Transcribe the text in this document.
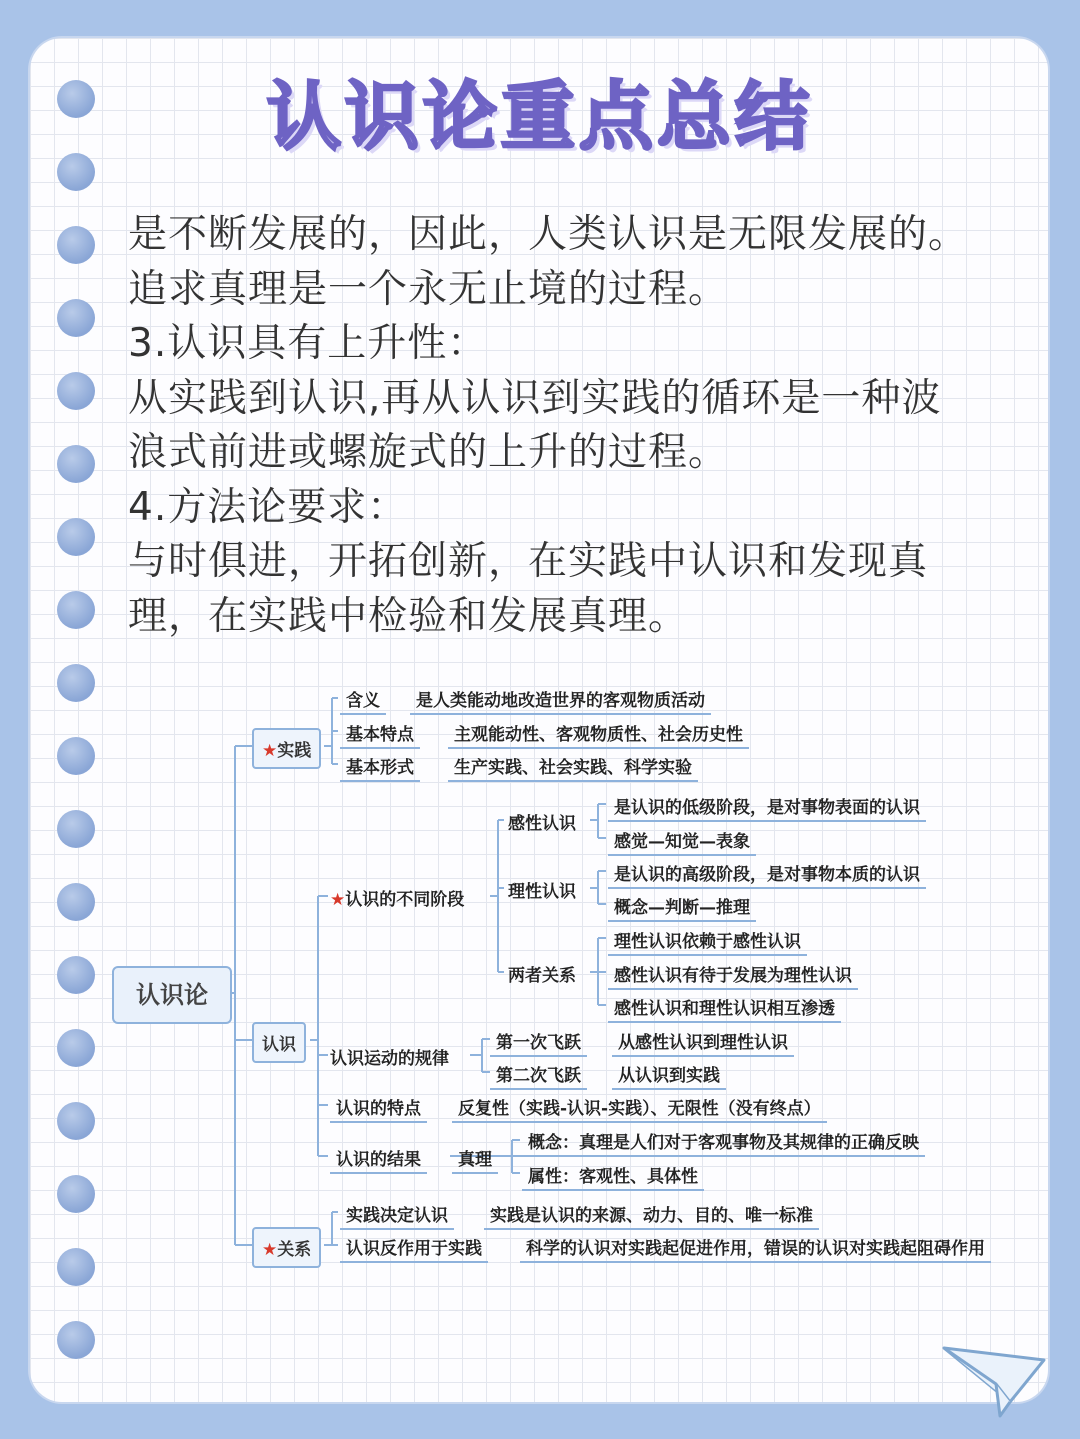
认识论重点总结
是不断发展的，因此，人类认识是无限发展的。
追求真理是一个永无止境的过程。
3.认识具有上升性：
从实践到认识,再从认识到实践的循环是一种波
浪式前进或螺旋式的上升的过程。
4.方法论要求：
与时俱进，开拓创新，在实践中认识和发现真
理，在实践中检验和发展真理。
认识论
★实践
含义	是人类能动地改造世界的客观物质活动
基本特点	主观能动性、客观物质性、社会历史性
基本形式	生产实践、社会实践、科学实验
认识
★认识的不同阶段
感性认识
是认识的低级阶段，是对事物表面的认识
感觉—知觉—表象
理性认识
是认识的高级阶段，是对事物本质的认识
概念—判断—推理
两者关系
理性认识依赖于感性认识
感性认识有待于发展为理性认识
感性认识和理性认识相互渗透
认识运动的规律
第一次飞跃	从感性认识到理性认识
第二次飞跃	从认识到实践
认识的特点	反复性（实践-认识-实践）、无限性（没有终点）
认识的结果	真理
概念：真理是人们对于客观事物及其规律的正确反映
属性：客观性、具体性
★关系
实践决定认识	实践是认识的来源、动力、目的、唯一标准
认识反作用于实践	科学的认识对实践起促进作用，错误的认识对实践起阻碍作用
